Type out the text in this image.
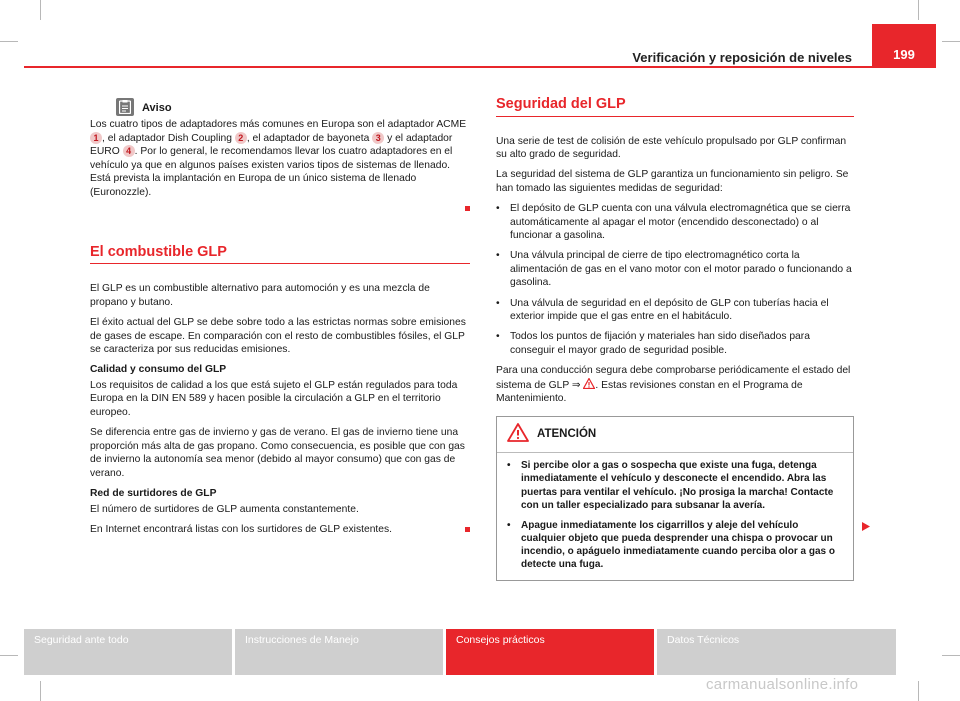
Verificación y reposición de niveles	199
Aviso

Los cuatro tipos de adaptadores más comunes en Europa son el adaptador ACME 1 , el adaptador Dish Coupling 2 , el adaptador de bayoneta 3 y el adaptador EURO 4 . Por lo general, le recomendamos llevar los cuatro adaptadores en el vehículo ya que en algunos países existen varios tipos de sistemas de llenado. Está prevista la implantación en Europa de un único sistema de llenado (Euronozzle).

El combustible GLP

El GLP es un combustible alternativo para automoción y es una mezcla de propano y butano.

El éxito actual del GLP se debe sobre todo a las estrictas normas sobre emisiones de gases de escape. En comparación con el resto de combustibles fósiles, el GLP se caracteriza por sus reducidas emisiones.

Calidad y consumo del GLP

Los requisitos de calidad a los que está sujeto el GLP están regulados para toda Europa en la DIN EN 589 y hacen posible la circulación a GLP en el territorio europeo.

Se diferencia entre gas de invierno y gas de verano. El gas de invierno tiene una proporción más alta de gas propano. Como consecuencia, es posible que con gas de invierno la autonomía sea menor (debido al mayor consumo) que con gas de verano.

Red de surtidores de GLP

El número de surtidores de GLP aumenta constantemente.

En Internet encontrará listas con los surtidores de GLP existentes.

Seguridad del GLP

Una serie de test de colisión de este vehículo propulsado por GLP confirman su alto grado de seguridad.

La seguridad del sistema de GLP garantiza un funcionamiento sin peligro. Se han tomado las siguientes medidas de seguridad:

• El depósito de GLP cuenta con una válvula electromagnética que se cierra automáticamente al apagar el motor (encendido desconectado) o al funcionar a gasolina.

• Una válvula principal de cierre de tipo electromagnético corta la alimentación de gas en el vano motor con el motor parado o funcionando a gasolina.

• Una válvula de seguridad en el depósito de GLP con tuberías hacia el exterior impide que el gas entre en el habitáculo.

• Todos los puntos de fijación y materiales han sido diseñados para conseguir el mayor grado de seguridad posible.

Para una conducción segura debe comprobarse periódicamente el estado del sistema de GLP ⇒ . Estas revisiones constan en el Programa de Mantenimiento.

ATENCIÓN

• Si percibe olor a gas o sospecha que existe una fuga, detenga inmediatamente el vehículo y desconecte el encendido. Abra las puertas para ventilar el vehículo. ¡No prosiga la marcha! Contacte con un taller especializado para subsanar la avería.

• Apague inmediatamente los cigarrillos y aleje del vehículo cualquier objeto que pueda desprender una chispa o provocar un incendio, o apáguelo inmediatamente cuando perciba olor a gas o detecte una fuga.

Seguridad ante todo	Instrucciones de Manejo	Consejos prácticos	Datos Técnicos
carmanualsonline.info
